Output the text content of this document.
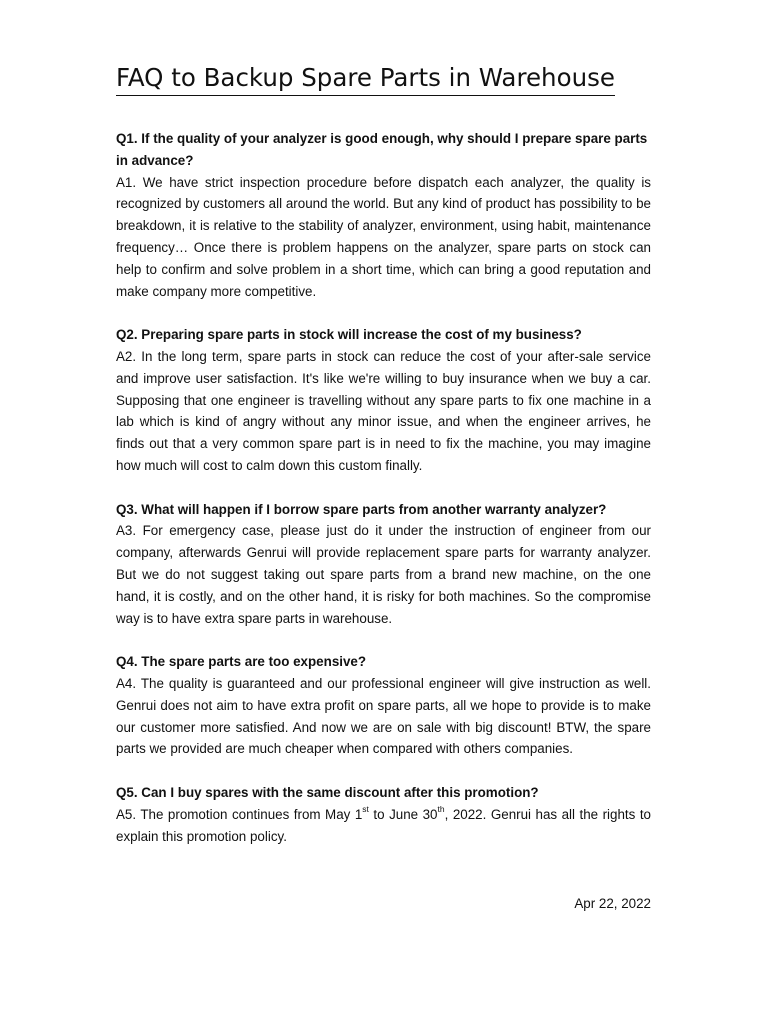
FAQ to Backup Spare Parts in Warehouse

Q1. If the quality of your analyzer is good enough, why should I prepare spare parts in advance?

A1. We have strict inspection procedure before dispatch each analyzer, the quality is recognized by customers all around the world. But any kind of product has possibility to be breakdown, it is relative to the stability of analyzer, environment, using habit, maintenance frequency… Once there is problem happens on the analyzer, spare parts on stock can help to confirm and solve problem in a short time, which can bring a good reputation and make company more competitive.

Q2. Preparing spare parts in stock will increase the cost of my business?

A2. In the long term, spare parts in stock can reduce the cost of your after-sale service and improve user satisfaction. It's like we're willing to buy insurance when we buy a car. Supposing that one engineer is travelling without any spare parts to fix one machine in a lab which is kind of angry without any minor issue, and when the engineer arrives, he finds out that a very common spare part is in need to fix the machine, you may imagine how much will cost to calm down this custom finally.

Q3. What will happen if I borrow spare parts from another warranty analyzer?

A3. For emergency case, please just do it under the instruction of engineer from our company, afterwards Genrui will provide replacement spare parts for warranty analyzer. But we do not suggest taking out spare parts from a brand new machine, on the one hand, it is costly, and on the other hand, it is risky for both machines. So the compromise way is to have extra spare parts in warehouse.

Q4. The spare parts are too expensive?

A4. The quality is guaranteed and our professional engineer will give instruction as well. Genrui does not aim to have extra profit on spare parts, all we hope to provide is to make our customer more satisfied. And now we are on sale with big discount! BTW, the spare parts we provided are much cheaper when compared with others companies.

Q5. Can I buy spares with the same discount after this promotion?

A5. The promotion continues from May 1st to June 30th, 2022. Genrui has all the rights to explain this promotion policy.

Apr 22, 2022
